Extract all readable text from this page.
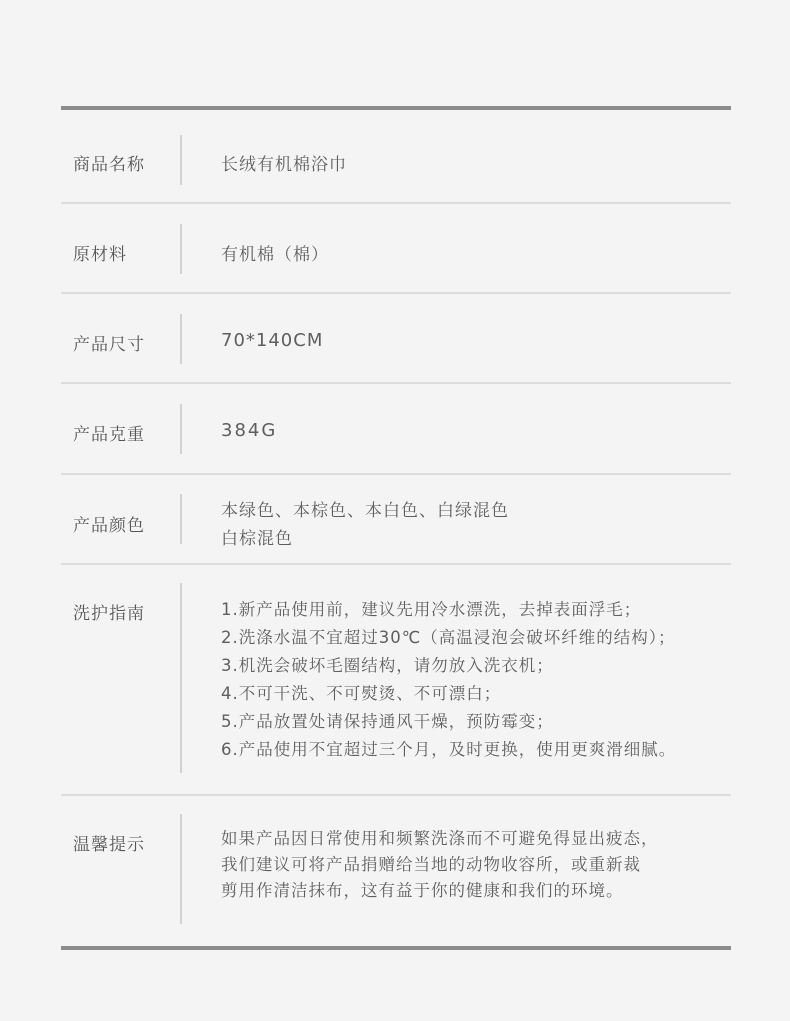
商品名称	长绒有机棉浴巾
原材料	有机棉（棉）
产品尺寸	70*140CM
产品克重	384G
产品颜色
本绿色、本棕色、本白色、白绿混色
白棕混色
洗护指南	1.新产品使用前，建议先用冷水漂洗，去掉表面浮毛；
2.洗涤水温不宜超过30℃（高温浸泡会破坏纤维的结构）；
3.机洗会破坏毛圈结构，请勿放入洗衣机；
4.不可干洗、不可熨烫、不可漂白；
5.产品放置处请保持通风干燥，预防霉变；
6.产品使用不宜超过三个月，及时更换，使用更爽滑细腻。
温馨提示	如果产品因日常使用和频繁洗涤而不可避免得显出疲态，
我们建议可将产品捐赠给当地的动物收容所，或重新裁
剪用作清洁抹布，这有益于你的健康和我们的环境。
